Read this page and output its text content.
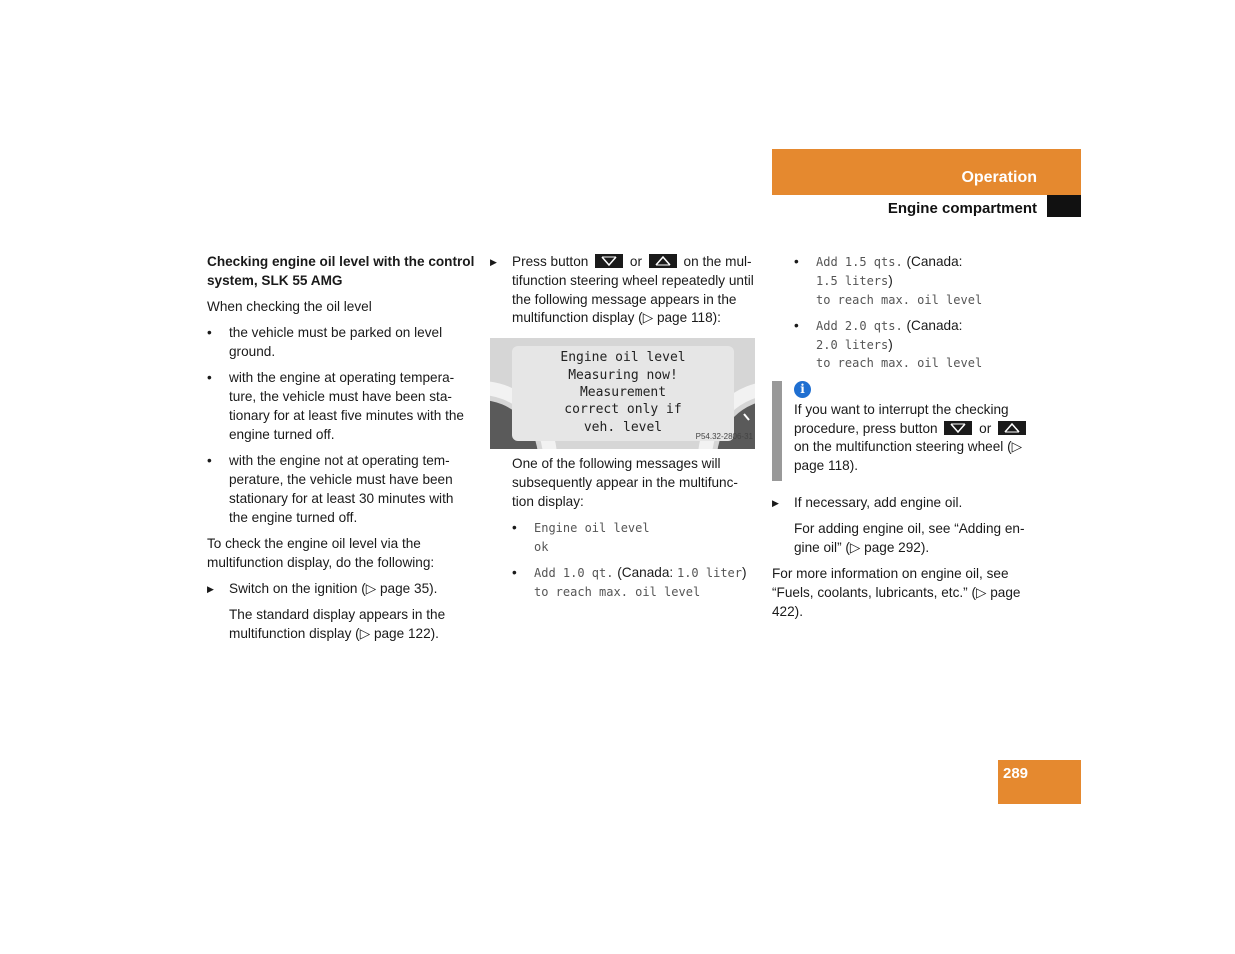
Operation
Engine compartment

Checking engine oil level with the control system, SLK 55 AMG

When checking the oil level

• the vehicle must be parked on level ground.
• with the engine at operating tempera-ture, the vehicle must have been sta-tionary for at least five minutes with the engine turned off.
• with the engine not at operating tem-perature, the vehicle must have been stationary for at least 30 minutes with the engine turned off.

To check the engine oil level via the multifunction display, do the following:

▶ Switch on the ignition (▷ page 35).

The standard display appears in the multifunction display (▷ page 122).

▶ Press button	or	on the mul-tifunction steering wheel repeatedly until the following message appears in the multifunction display (▷ page 118):
Engine oil level
Measuring now!
Measurement
correct only if
veh. level
P54.32-2806-31

One of the following messages will subsequently appear in the multifunc-tion display:

• Engine oil level
ok
• Add 1.0 qt. (Canada: 1.0 liter)
to reach max. oil level
• Add 1.5 qts. (Canada:
1.5 liters)
to reach max. oil level
• Add 2.0 qts. (Canada:
2.0 liters)
to reach max. oil level
i
If you want to interrupt the checking procedure, press button	or
on the multifunction steering wheel (▷ page 118).
▶ If necessary, add engine oil.

For adding engine oil, see “Adding en-gine oil” (▷ page 292).

For more information on engine oil, see “Fuels, coolants, lubricants, etc.” (▷ page 422).

289
